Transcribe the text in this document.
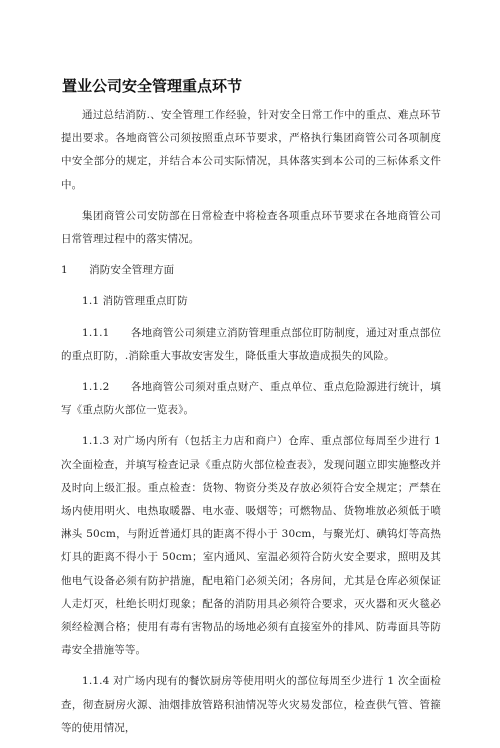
置业公司安全管理重点环节

通过总结消防.、安全管理工作经验，针对安全日常工作中的重点、难点环节提出要求。各地商管公司须按照重点环节要求，严格执行集团商管公司各项制度中安全部分的规定，并结合本公司实际情况，具体落实到本公司的三标体系文件中。

集团商管公司安防部在日常检查中将检查各项重点环节要求在各地商管公司日常管理过程中的落实情况。

1　　消防安全管理方面

1.1 消防管理重点盯防

1.1.1　　各地商管公司须建立消防管理重点部位盯防制度，通过对重点部位的重点盯防，.消除重大事故安害发生，降低重大事故造成损失的风险。

1.1.2　　各地商管公司须对重点财产、重点单位、重点危险源进行统计，填写《重点防火部位一览表》。

1.1.3 对广场内所有（包括主力店和商户）仓库、重点部位每周至少进行 1 次全面检查，并填写检查记录《重点防火部位检查表》，发现问题立即实施整改并及时向上级汇报。重点检查：货物、物资分类及存放必须符合安全规定；严禁在场内使用明火、电热取暖器、电水壶、吸烟等；可燃物品、货物堆放必须低于喷淋头 50cm，与附近普通灯具的距离不得小于 30cm，与聚光灯、碘钨灯等高热灯具的距离不得小于 50cm；室内通风、室温必须符合防火安全要求，照明及其他电气设备必须有防护措施，配电箱门必须关闭；各房间，尤其是仓库必须保证人走灯灭，杜绝长明灯现象；配备的消防用具必须符合要求，灭火器和灭火毯必须经检测合格；使用有毒有害物品的场地必须有直接室外的排风、防毒面具等防毒安全措施等等。

1.1.4 对广场内现有的餐饮厨房等使用明火的部位每周至少进行 1 次全面检查，彻查厨房火源、油烟排放管路积油情况等火灾易发部位，检查供气管、管箍等的使用情况，
